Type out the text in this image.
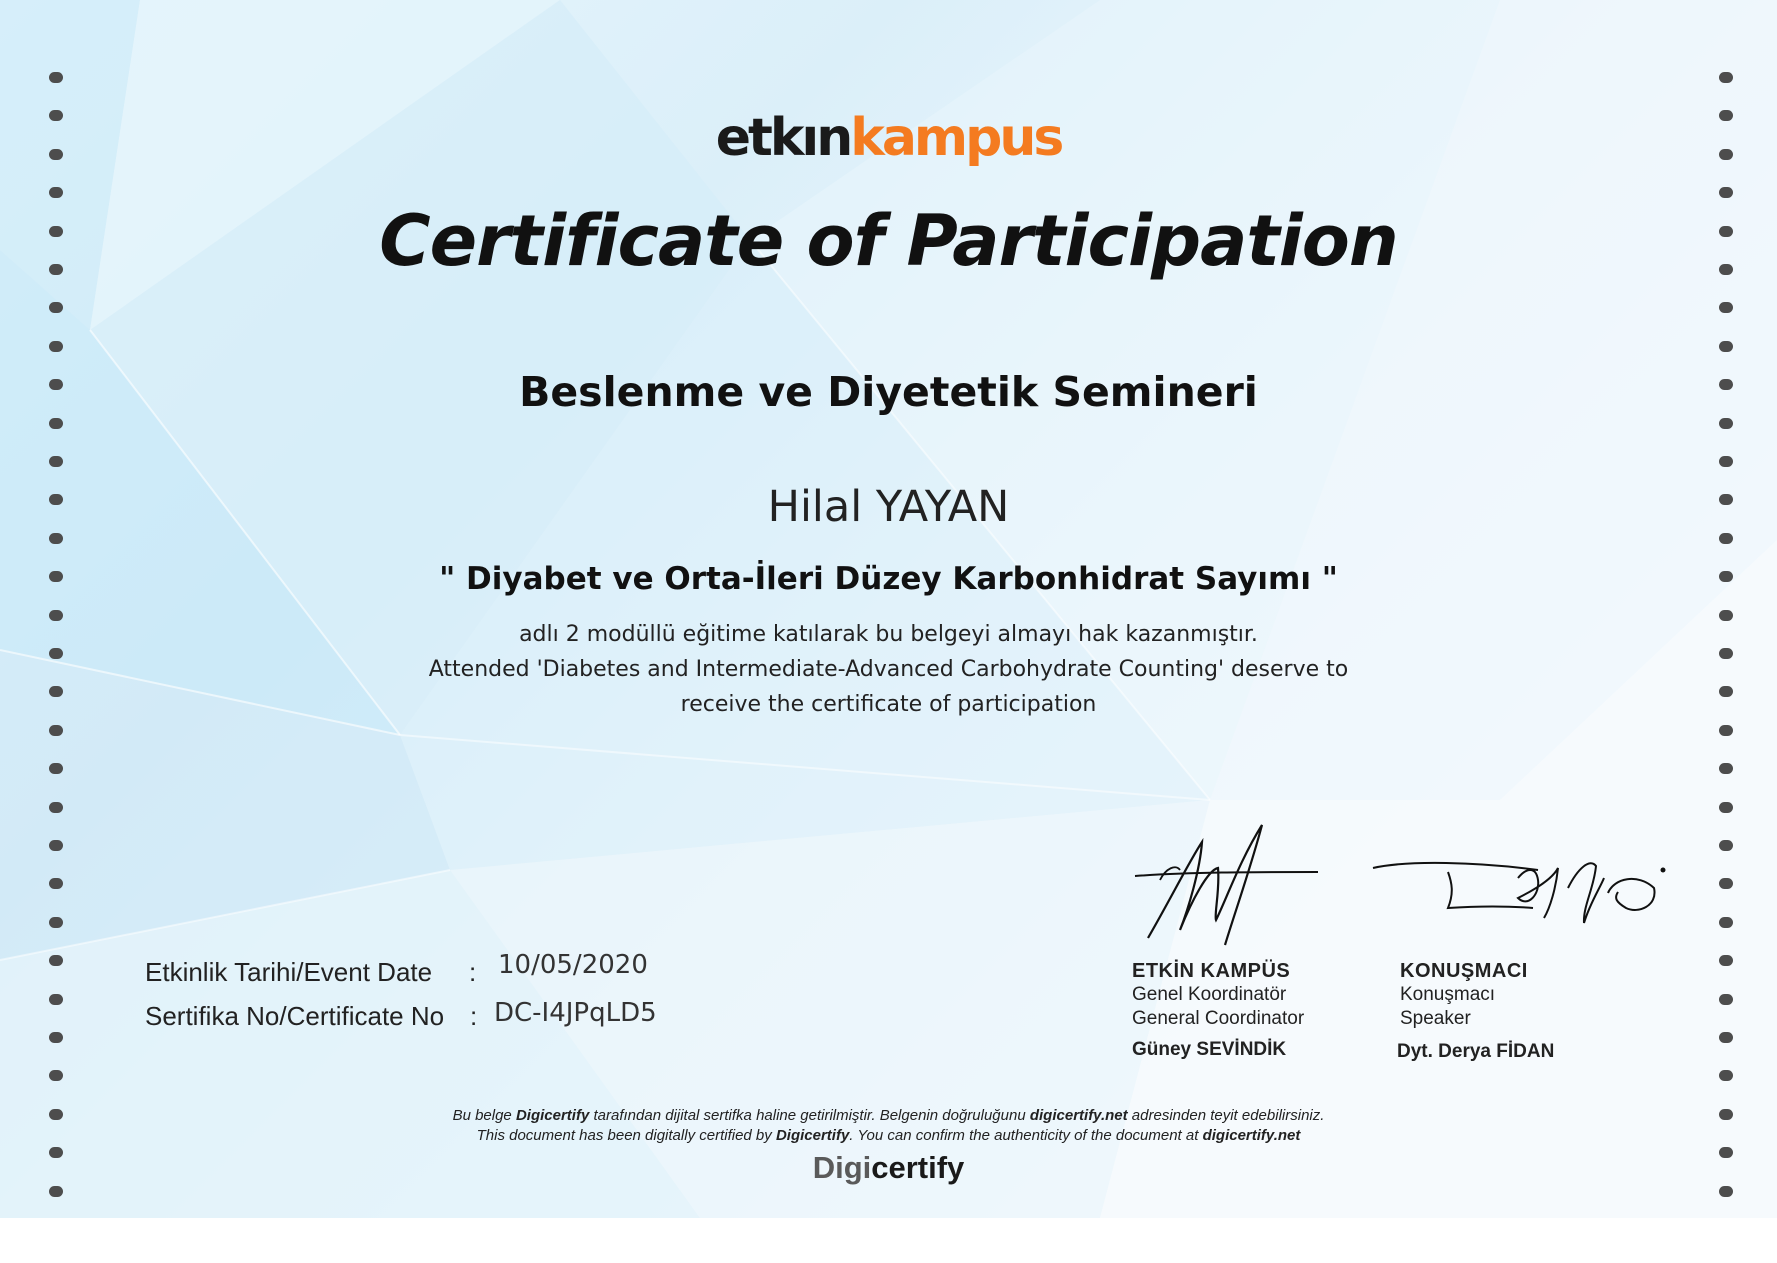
etkınkampus
Certificate of Participation
Beslenme ve Diyetetik Semineri
Hilal YAYAN
" Diyabet ve Orta-İleri Düzey Karbonhidrat Sayımı "
adlı 2 modüllü eğitime katılarak bu belgeyi almayı hak kazanmıştır.
Attended 'Diabetes and Intermediate-Advanced Carbohydrate Counting' deserve to
receive the certificate of participation
Etkinlik Tarihi/Event Date : 10/05/2020
Sertifika No/Certificate No : DC-I4JPqLD5
ETKİN KAMPÜS
Genel Koordinatör
General Coordinator
Güney SEVİNDİK
KONUŞMACI
Konuşmacı
Speaker
Dyt. Derya FİDAN
Bu belge Digicertify tarafından dijital sertifka haline getirilmiştir. Belgenin doğruluğunu digicertify.net adresinden teyit edebilirsiniz.
This document has been digitally certified by Digicertify. You can confirm the authenticity of the document at digicertify.net
Digicertify
